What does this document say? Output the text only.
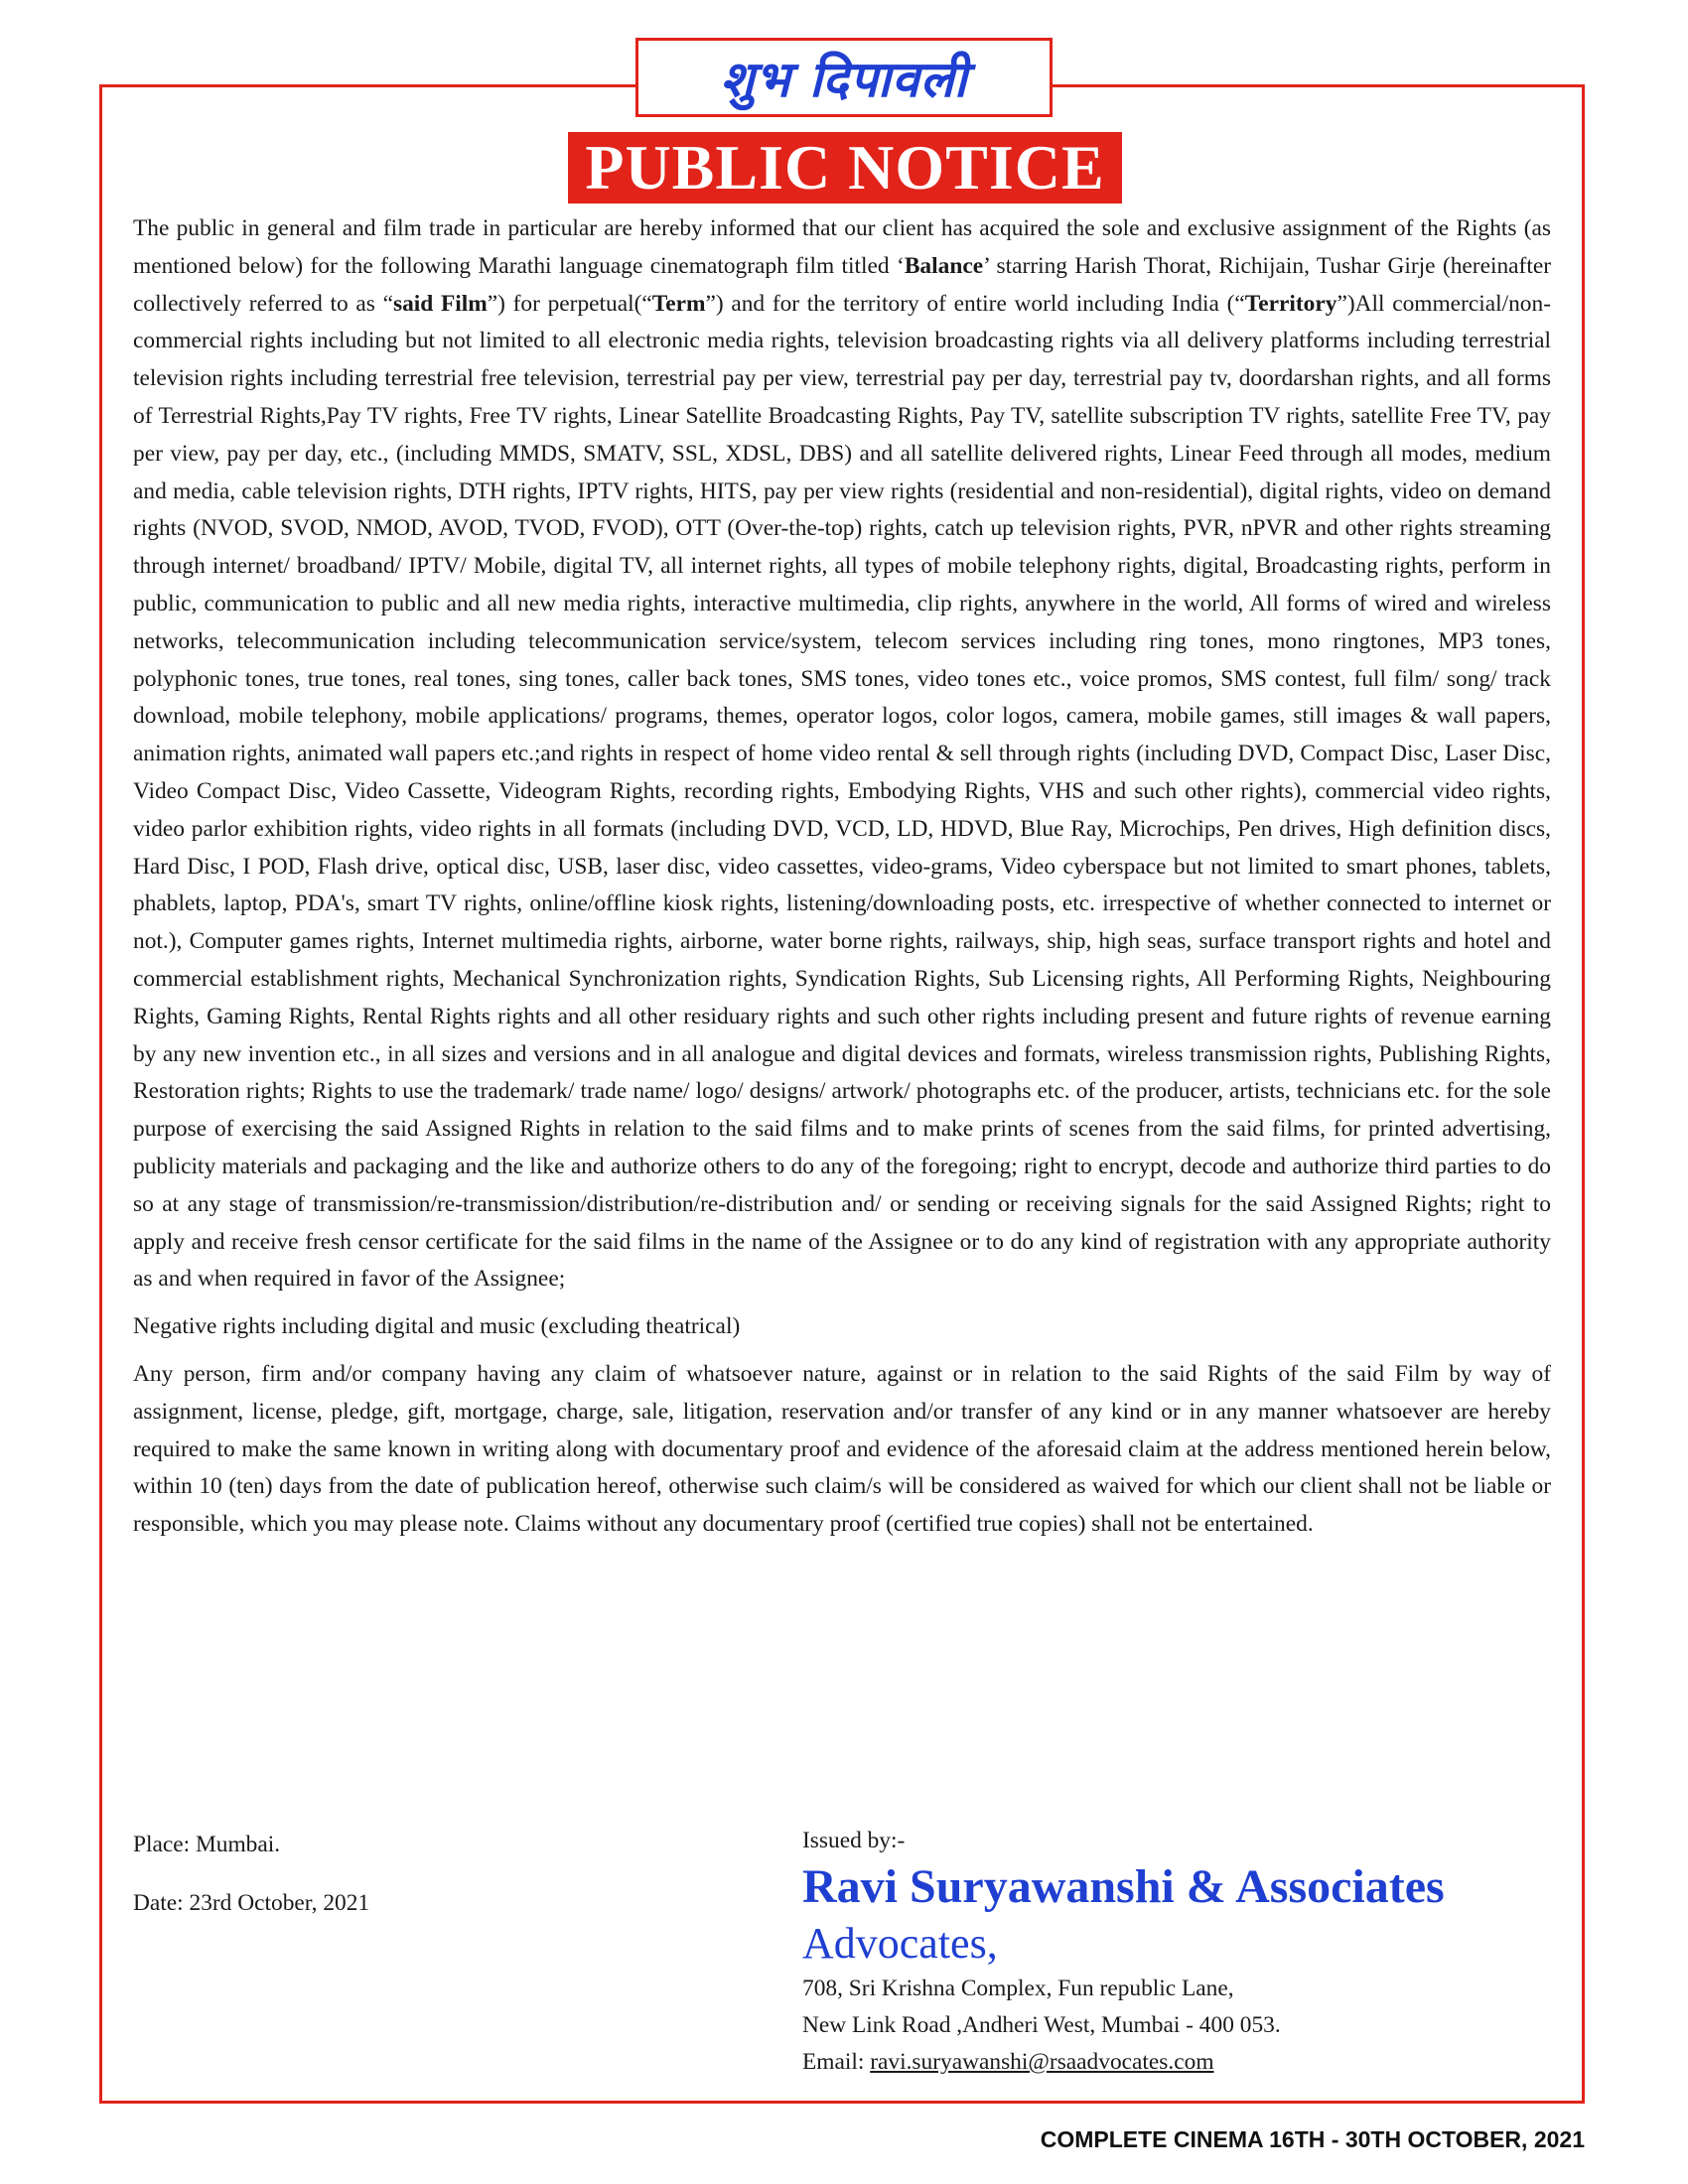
शुभ दिपावली
PUBLIC NOTICE

The public in general and film trade in particular are hereby informed that our client has acquired the sole and exclusive assignment of the Rights (as mentioned below) for the following Marathi language cinematograph film titled ‘Balance’ starring Harish Thorat, Richijain, Tushar Girje (hereinafter collectively referred to as “said Film”) for perpetual(“Term”) and for the territory of entire world including India (“Territory”)All commercial/non-commercial rights including but not limited to all electronic media rights, television broadcasting rights via all delivery platforms including terrestrial television rights including terrestrial free television, terrestrial pay per view, terrestrial pay per day, terrestrial pay tv, doordarshan rights, and all forms of Terrestrial Rights,Pay TV rights, Free TV rights, Linear Satellite Broadcasting Rights, Pay TV, satellite subscription TV rights, satellite Free TV, pay per view, pay per day, etc., (including MMDS, SMATV, SSL, XDSL, DBS) and all satellite delivered rights, Linear Feed through all modes, medium and media, cable television rights, DTH rights, IPTV rights, HITS, pay per view rights (residential and non-residential), digital rights, video on demand rights (NVOD, SVOD, NMOD, AVOD, TVOD, FVOD), OTT (Over-the-top) rights, catch up television rights, PVR, nPVR and other rights streaming through internet/ broadband/ IPTV/ Mobile, digital TV, all internet rights, all types of mobile telephony rights, digital, Broadcasting rights, perform in public, communication to public and all new media rights, interactive multimedia, clip rights, anywhere in the world, All forms of wired and wireless networks, telecommunication including telecommunication service/system, telecom services including ring tones, mono ringtones, MP3 tones, polyphonic tones, true tones, real tones, sing tones, caller back tones, SMS tones, video tones etc., voice promos, SMS contest, full film/ song/ track download, mobile telephony, mobile applications/ programs, themes, operator logos, color logos, camera, mobile games, still images & wall papers, animation rights, animated wall papers etc.;and rights in respect of home video rental & sell through rights (including DVD, Compact Disc, Laser Disc, Video Compact Disc, Video Cassette, Videogram Rights, recording rights, Embodying Rights, VHS and such other rights), commercial video rights, video parlor exhibition rights, video rights in all formats (including DVD, VCD, LD, HDVD, Blue Ray, Microchips, Pen drives, High definition discs, Hard Disc, I POD, Flash drive, optical disc, USB, laser disc, video cassettes, video-grams, Video cyberspace but not limited to smart phones, tablets, phablets, laptop, PDA's, smart TV rights, online/offline kiosk rights, listening/downloading posts, etc. irrespective of whether connected to internet or not.), Computer games rights, Internet multimedia rights, airborne, water borne rights, railways, ship, high seas, surface transport rights and hotel and commercial establishment rights, Mechanical Synchronization rights, Syndication Rights, Sub Licensing rights, All Performing Rights, Neighbouring Rights, Gaming Rights, Rental Rights rights and all other residuary rights and such other rights including present and future rights of revenue earning by any new invention etc., in all sizes and versions and in all analogue and digital devices and formats, wireless transmission rights, Publishing Rights, Restoration rights; Rights to use the trademark/ trade name/ logo/ designs/ artwork/ photographs etc. of the producer, artists, technicians etc. for the sole purpose of exercising the said Assigned Rights in relation to the said films and to make prints of scenes from the said films, for printed advertising, publicity materials and packaging and the like and authorize others to do any of the foregoing; right to encrypt, decode and authorize third parties to do so at any stage of transmission/re-transmission/distribution/re-distribution and/ or sending or receiving signals for the said Assigned Rights; right to apply and receive fresh censor certificate for the said films in the name of the Assignee or to do any kind of registration with any appropriate authority as and when required in favor of the Assignee;

Negative rights including digital and music (excluding theatrical)

Any person, firm and/or company having any claim of whatsoever nature, against or in relation to the said Rights of the said Film by way of assignment, license, pledge, gift, mortgage, charge, sale, litigation, reservation and/or transfer of any kind or in any manner whatsoever are hereby required to make the same known in writing along with documentary proof and evidence of the aforesaid claim at the address mentioned herein below, within 10 (ten) days from the date of publication hereof, otherwise such claim/s will be considered as waived for which our client shall not be liable or responsible, which you may please note. Claims without any documentary proof (certified true copies) shall not be entertained.

Place: Mumbai.
Date: 23rd October, 2021
Issued by:-
Ravi Suryawanshi & Associates
Advocates,
708, Sri Krishna Complex, Fun republic Lane,
New Link Road ,Andheri West, Mumbai - 400 053.
Email: ravi.suryawanshi@rsaadvocates.com
COMPLETE CINEMA 16TH - 30TH OCTOBER, 2021
